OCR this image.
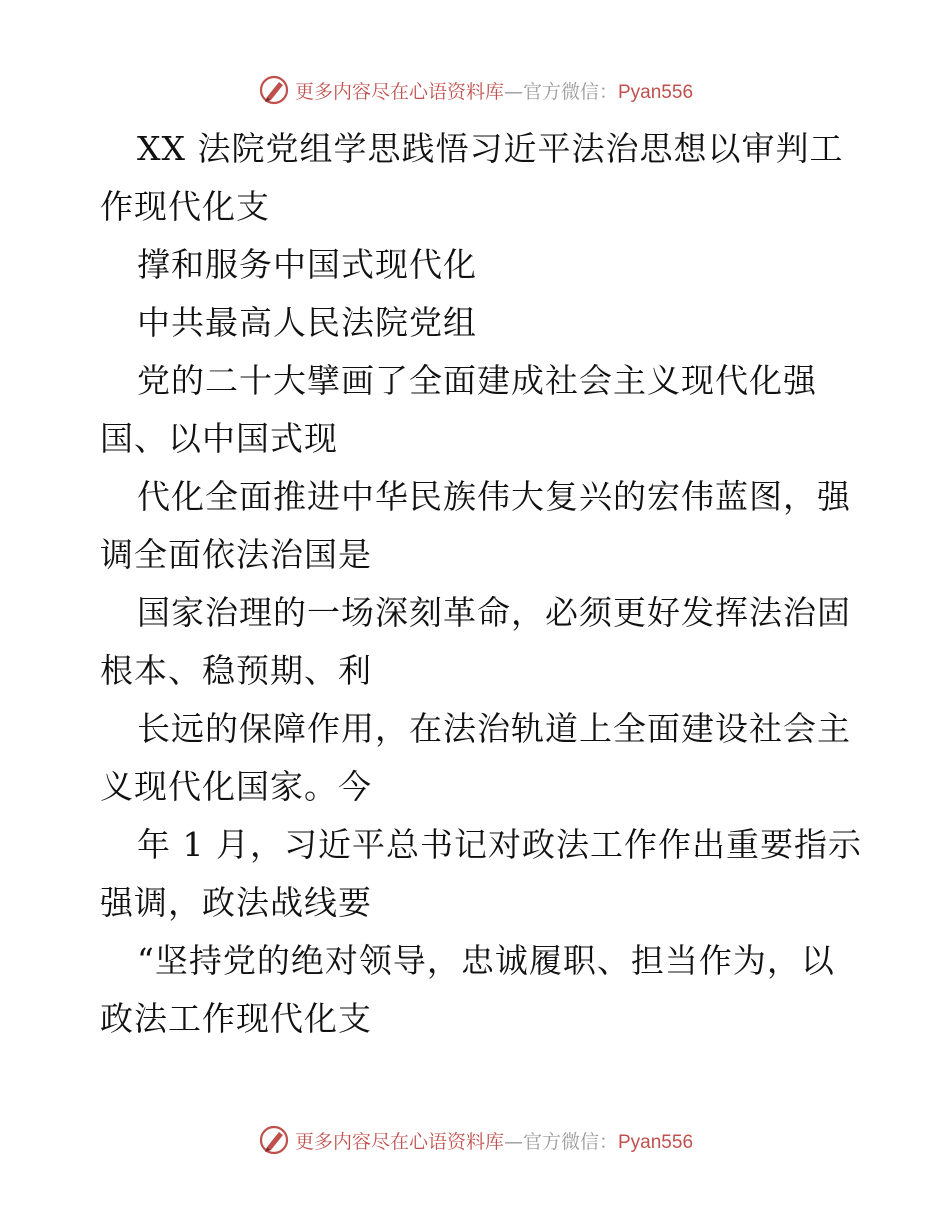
更多内容尽在心语资料库—官方微信：Pyan556
XX 法院党组学思践悟习近平法治思想以审判工
作现代化支
撑和服务中国式现代化
中共最高人民法院党组
党的二十大擘画了全面建成社会主义现代化强
国、以中国式现
代化全面推进中华民族伟大复兴的宏伟蓝图，强
调全面依法治国是
国家治理的一场深刻革命，必须更好发挥法治固
根本、稳预期、利
长远的保障作用，在法治轨道上全面建设社会主
义现代化国家。今
年 1 月，习近平总书记对政法工作作出重要指示
强调，政法战线要
“坚持党的绝对领导，忠诚履职、担当作为，以
政法工作现代化支
更多内容尽在心语资料库—官方微信：Pyan556
